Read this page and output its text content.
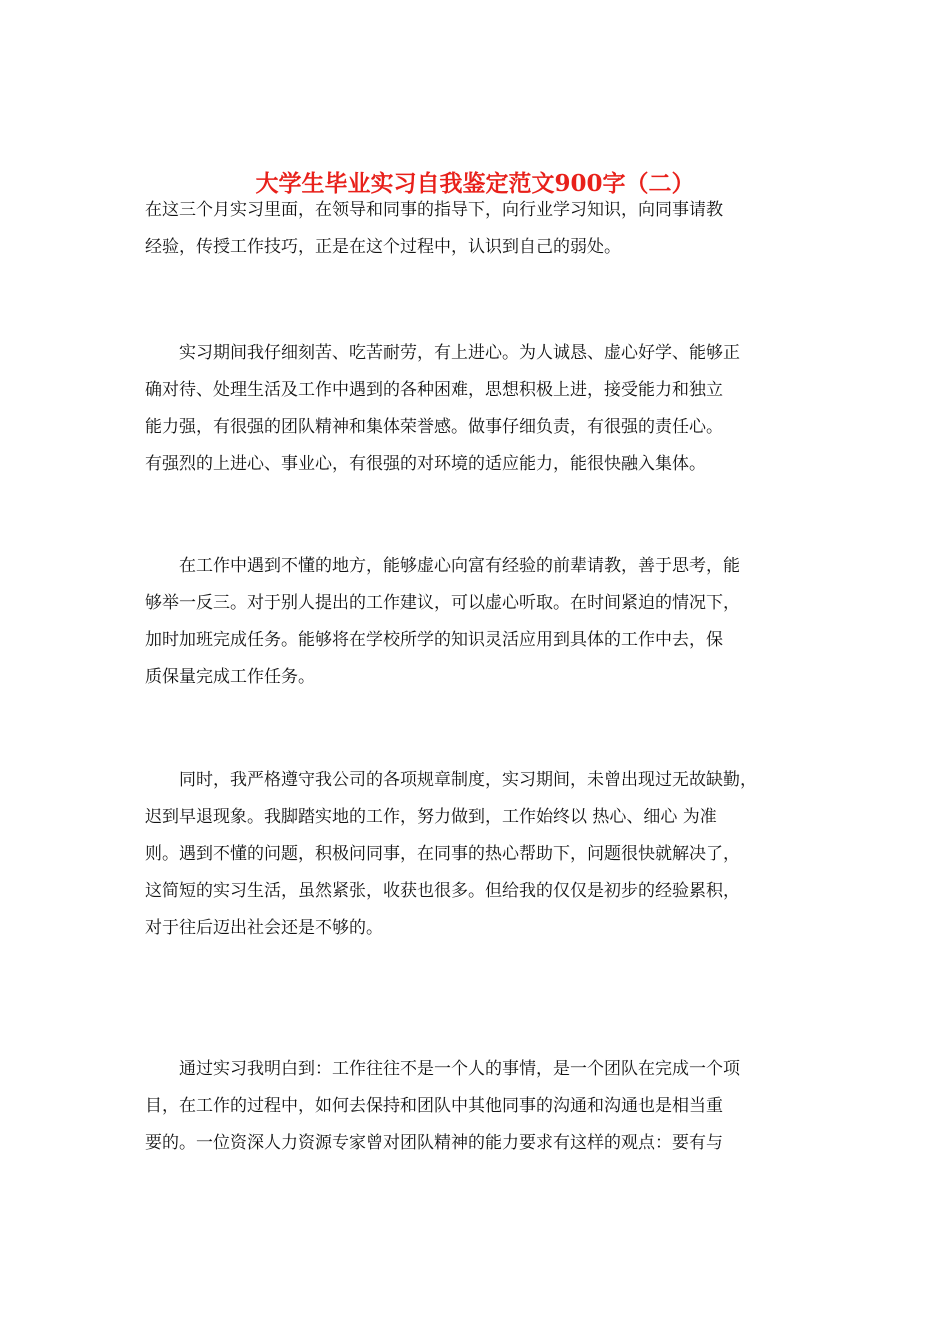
大学生毕业实习自我鉴定范文900字（二）
在这三个月实习里面，在领导和同事的指导下，向行业学习知识，向同事请教
经验，传授工作技巧，正是在这个过程中，认识到自己的弱处。
　　实习期间我仔细刻苦、吃苦耐劳，有上进心。为人诚恳、虚心好学、能够正
确对待、处理生活及工作中遇到的各种困难，思想积极上进，接受能力和独立
能力强，有很强的团队精神和集体荣誉感。做事仔细负责，有很强的责任心。
有强烈的上进心、事业心，有很强的对环境的适应能力，能很快融入集体。
　　在工作中遇到不懂的地方，能够虚心向富有经验的前辈请教，善于思考，能
够举一反三。对于别人提出的工作建议，可以虚心听取。在时间紧迫的情况下，
加时加班完成任务。能够将在学校所学的知识灵活应用到具体的工作中去，保
质保量完成工作任务。
　　同时，我严格遵守我公司的各项规章制度，实习期间，未曾出现过无故缺勤，
迟到早退现象。我脚踏实地的工作，努力做到，工作始终以 热心、细心 为准
则。遇到不懂的问题，积极问同事，在同事的热心帮助下，问题很快就解决了，
这简短的实习生活，虽然紧张，收获也很多。但给我的仅仅是初步的经验累积，
对于往后迈出社会还是不够的。
　　通过实习我明白到：工作往往不是一个人的事情，是一个团队在完成一个项
目，在工作的过程中，如何去保持和团队中其他同事的沟通和沟通也是相当重
要的。一位资深人力资源专家曾对团队精神的能力要求有这样的观点：要有与
